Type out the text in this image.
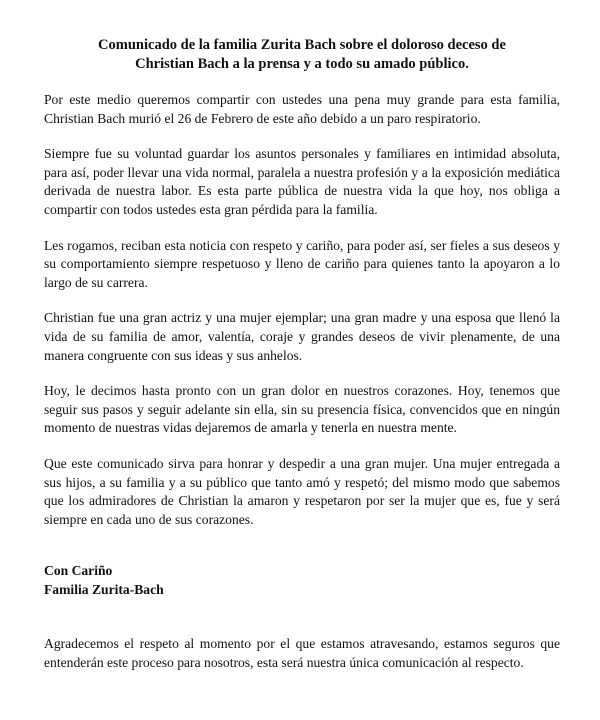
Comunicado de la familia Zurita Bach sobre el doloroso deceso de
Christian Bach a la prensa y a todo su amado público.

Por este medio queremos compartir con ustedes una pena muy grande para esta familia, Christian Bach murió el 26 de Febrero de este año debido a un paro respiratorio.

Siempre fue su voluntad guardar los asuntos personales y familiares en intimidad absoluta, para así, poder llevar una vida normal, paralela a nuestra profesión y a la exposición mediática derivada de nuestra labor. Es esta parte pública de nuestra vida la que hoy, nos obliga a compartir con todos ustedes esta gran pérdida para la familia.

Les rogamos, reciban esta noticia con respeto y cariño, para poder así, ser fieles a sus deseos y su comportamiento siempre respetuoso y lleno de cariño para quienes tanto la apoyaron a lo largo de su carrera.

Christian fue una gran actriz y una mujer ejemplar; una gran madre y una esposa que llenó la vida de su familia de amor, valentía, coraje y grandes deseos de vivir plenamente, de una manera congruente con sus ideas y sus anhelos.

Hoy, le decimos hasta pronto con un gran dolor en nuestros corazones. Hoy, tenemos que seguir sus pasos y seguir adelante sin ella, sin su presencia física, convencidos que en ningún momento de nuestras vidas dejaremos de amarla y tenerla en nuestra mente.

Que este comunicado sirva para honrar y despedir a una gran mujer. Una mujer entregada a sus hijos, a su familia y a su público que tanto amó y respetó; del mismo modo que sabemos que los admiradores de Christian la amaron y respetaron por ser la mujer que es, fue y será siempre en cada uno de sus corazones.

Con Cariño
Familia Zurita-Bach

Agradecemos el respeto al momento por el que estamos atravesando, estamos seguros que entenderán este proceso para nosotros, esta será nuestra única comunicación al respecto.
